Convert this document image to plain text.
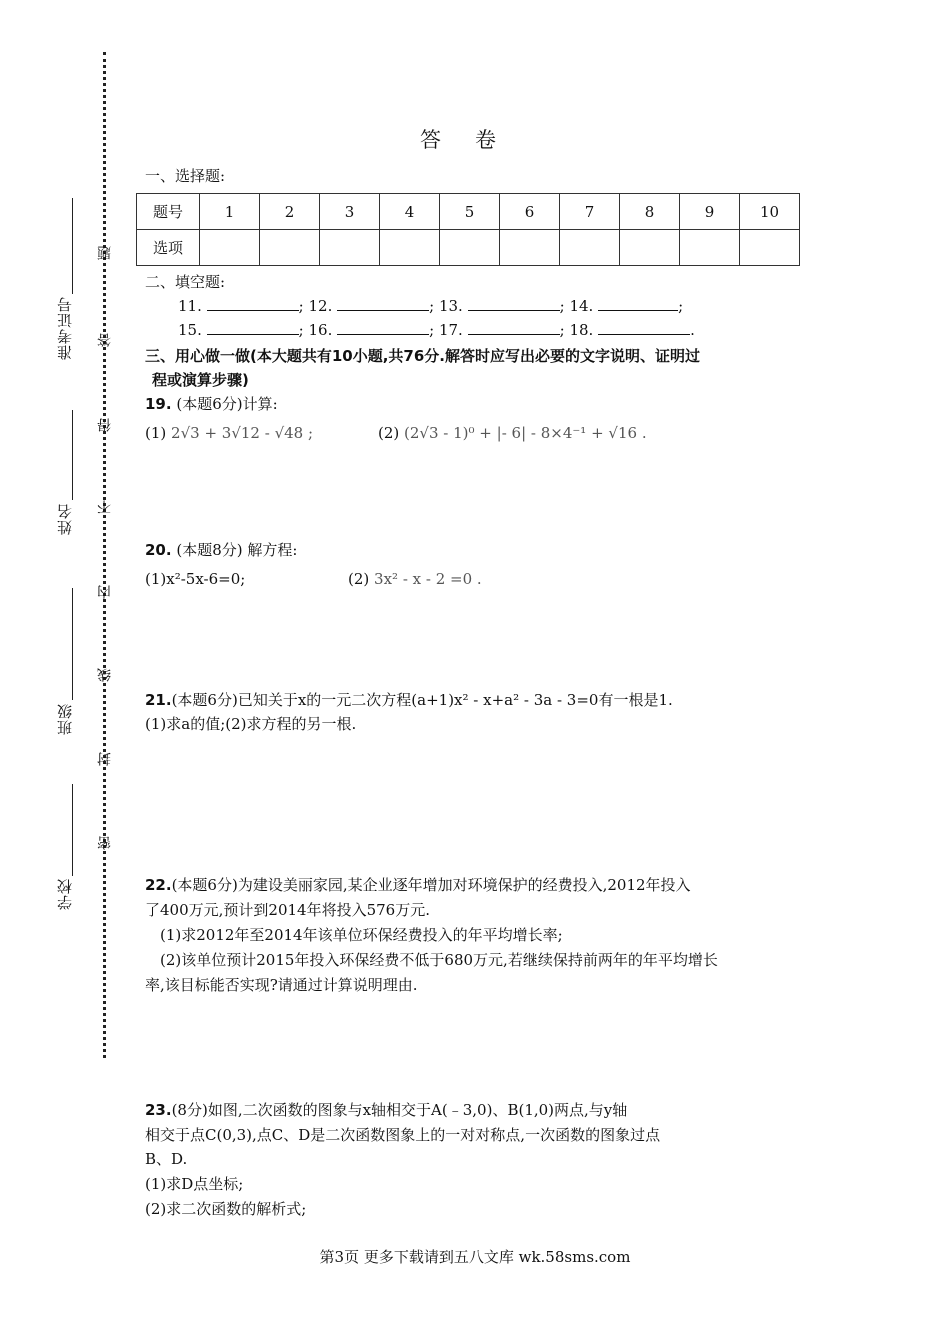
准考证号
姓名
班级
学校
题
答
得
不
内
线
封
密
答卷
一、选择题:
题号	1	2	3	4	5	6	7	8	9	10
选项										
二、填空题:
11.	; 12.	; 13.	; 14.	;
15.	; 16.	; 17.	; 18.	.
三、用心做一做(本大题共有10小题,共76分.解答时应写出必要的文字说明、证明过
程或演算步骤)
19. (本题6分)计算:
(1) 2√3 + 3√12 - √48 ;	(2) (2√3 - 1)⁰ + |- 6| - 8×4⁻¹ + √16 .
20. (本题8分) 解方程:
(1)x²-5x-6=0;	(2) 3x² - x - 2 =0 .
21.(本题6分)已知关于x的一元二次方程(a+1)x² - x+a² - 3a - 3=0有一根是1.
(1)求a的值;(2)求方程的另一根.
22.(本题6分)为建设美丽家园,某企业逐年增加对环境保护的经费投入,2012年投入
了400万元,预计到2014年将投入576万元.
(1)求2012年至2014年该单位环保经费投入的年平均增长率;
(2)该单位预计2015年投入环保经费不低于680万元,若继续保持前两年的年平均增长
率,该目标能否实现?请通过计算说明理由.
23.(8分)如图,二次函数的图象与x轴相交于A(﹣3,0)、B(1,0)两点,与y轴
相交于点C(0,3),点C、D是二次函数图象上的一对对称点,一次函数的图象过点
B、D.
(1)求D点坐标;
(2)求二次函数的解析式;
第3页 更多下载请到五八文库 wk.58sms.com
